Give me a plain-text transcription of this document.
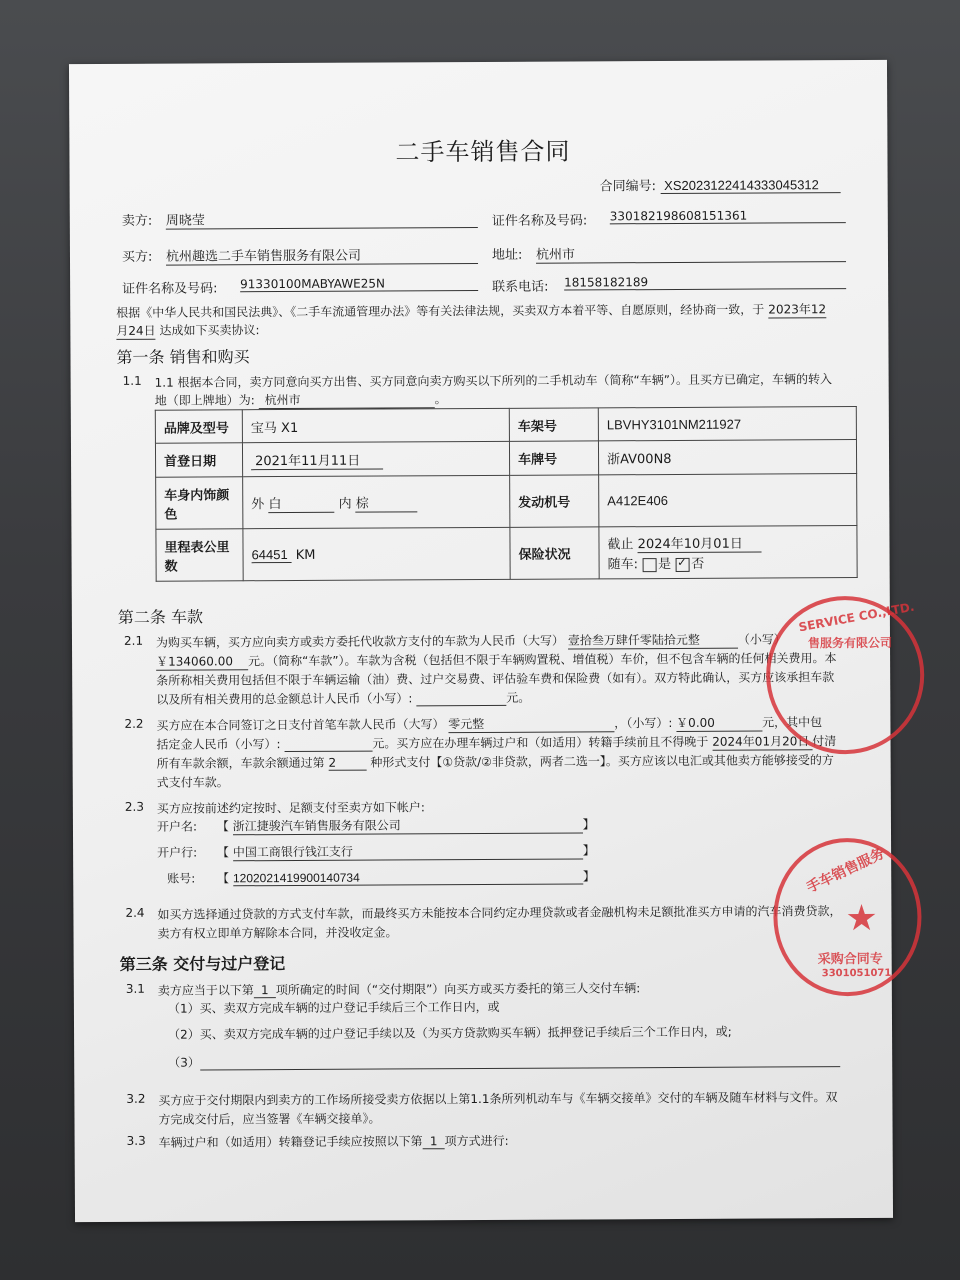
二手车销售合同
合同编号: XS2023122414333045312
卖方: 周晓莹	证件名称及号码: 330182198608151361
买方: 杭州趣选二手车销售服务有限公司	地址: 杭州市
证件名称及号码: 91330100MABYAWE25N	联系电话: 18158182189
根据《中华人民共和国民法典》、《二手车流通管理办法》等有关法律法规，买卖双方本着平等、自愿原则，经协商一致，于 2023年12
月24日 达成如下买卖协议:
第一条 销售和购买
1.1 1.1 根据本合同，卖方同意向买方出售、买方同意向卖方购买以下所列的二手机动车（简称“车辆”）。且买方已确定，车辆的转入
地（即上牌地）为: 杭州市	。
品牌及型号	宝马 X1	车架号	LBVHY3101NM211927
首登日期	2021年11月11日	车牌号	浙AV00N8
车身内饰颜色	外 白 内 棕	发动机号	A412E406
里程表公里数	64451 KM	保险状况	截止 2024年10月01日
随车: 是 ✓ 否
第二条 车款
2.1 为购买车辆，买方应向卖方或卖方委托代收款方支付的车款为人民币（大写） 壹拾叁万肆仟零陆拾元整	（小写）
￥134060.00 元。（简称“车款”）。车款为含税（包括但不限于车辆购置税、增值税）车价，但不包含车辆的任何相关费用。本
条所称相关费用包括但不限于车辆运输（油）费、过户交易费、评估验车费和保险费（如有）。双方特此确认，买方应该承担车款
以及所有相关费用的总金额总计人民币（小写）:	元。
2.2 买方应在本合同签订之日支付首笔车款人民币（大写） 零元整	，（小写）: ￥0.00	元，其中包
括定金人民币（小写）:	元。买方应在办理车辆过户和（如适用）转籍手续前且不得晚于 2024年01月20日 付清
所有车款余额，车款余额通过第 2	种形式支付【①贷款/②非贷款，两者二选一】。买方应该以电汇或其他卖方能够接受的方
式支付车款。
2.3 买方应按前述约定按时、足额支付至卖方如下帐户:
开户名: 【 浙江捷骏汽车销售服务有限公司	】
开户行: 【 中国工商银行钱江支行	】
账号: 【 1202021419900140734	】
2.4 如买方选择通过贷款的方式支付车款，而最终买方未能按本合同约定办理贷款或者金融机构未足额批准买方申请的汽车消费贷款，
卖方有权立即单方解除本合同，并没收定金。
第三条 交付与过户登记
3.1 卖方应当于以下第 1 项所确定的时间（“交付期限”）向买方或买方委托的第三人交付车辆:
（1）买、卖双方完成车辆的过户登记手续后三个工作日内，或
（2）买、卖双方完成车辆的过户登记手续以及（为买方贷款购买车辆）抵押登记手续后三个工作日内，或;
（3）
3.2 买方应于交付期限内到卖方的工作场所接受卖方依据以上第1.1条所列机动车与《车辆交接单》交付的车辆及随车材料与文件。双
方完成交付后，应当签署《车辆交接单》。
3.3 车辆过户和（如适用）转籍登记手续应按照以下第 1 项方式进行:
SERVICE CO.,LTD.
售服务有限公司
手车销售服务
★
采购合同专
3301051071
